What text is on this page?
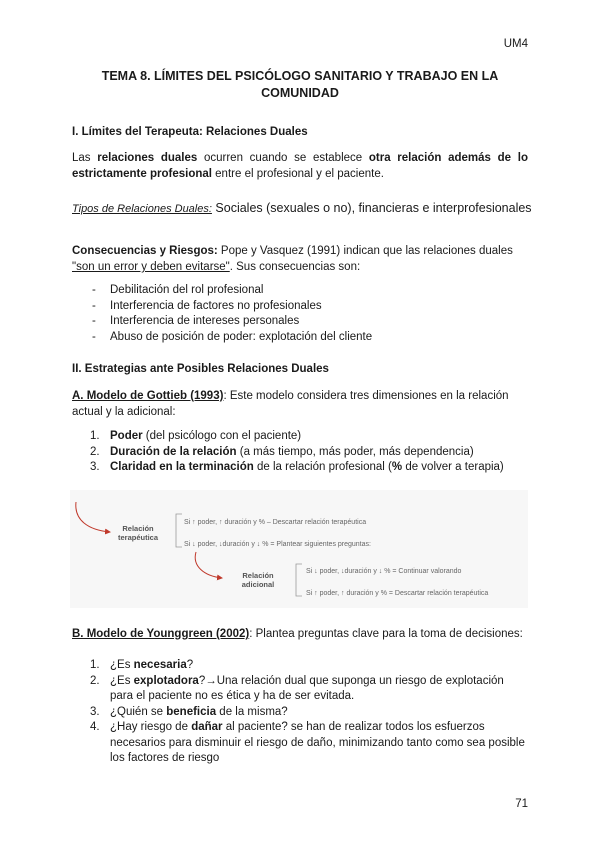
UM4
TEMA 8. LÍMITES DEL PSICÓLOGO SANITARIO Y TRABAJO EN LA
COMUNIDAD
I. Límites del Terapeuta: Relaciones Duales
Las relaciones duales ocurren cuando se establece otra relación además de lo estrictamente profesional entre el profesional y el paciente.
Tipos de Relaciones Duales: Sociales (sexuales o no), financieras e interprofesionales
Consecuencias y Riesgos: Pope y Vasquez (1991) indican que las relaciones duales "son un error y deben evitarse". Sus consecuencias son:
- Debilitación del rol profesional
- Interferencia de factores no profesionales
- Interferencia de intereses personales
- Abuso de posición de poder: explotación del cliente
II. Estrategias ante Posibles Relaciones Duales
A. Modelo de Gottieb (1993): Este modelo considera tres dimensiones en la relación actual y la adicional:
1. Poder (del psicólogo con el paciente)
2. Duración de la relación (a más tiempo, más poder, más dependencia)
3. Claridad en la terminación de la relación profesional (% de volver a terapia)
Relación
terapéutica
Si ↑ poder, ↑ duración y % – Descartar relación terapéutica
Si ↓ poder, ↓duración y ↓ % = Plantear siguientes preguntas:
Relación
adicional
Si ↓ poder, ↓duración y ↓ % = Continuar valorando
Si ↑ poder, ↑ duración y % = Descartar relación terapéutica
B. Modelo de Younggreen (2002): Plantea preguntas clave para la toma de decisiones:
1. ¿Es necesaria?
2. ¿Es explotadora?→Una relación dual que suponga un riesgo de explotación para el paciente no es ética y ha de ser evitada.
3. ¿Quién se beneficia de la misma?
4. ¿Hay riesgo de dañar al paciente? se han de realizar todos los esfuerzos necesarios para disminuir el riesgo de daño, minimizando tanto como sea posible los factores de riesgo
71
